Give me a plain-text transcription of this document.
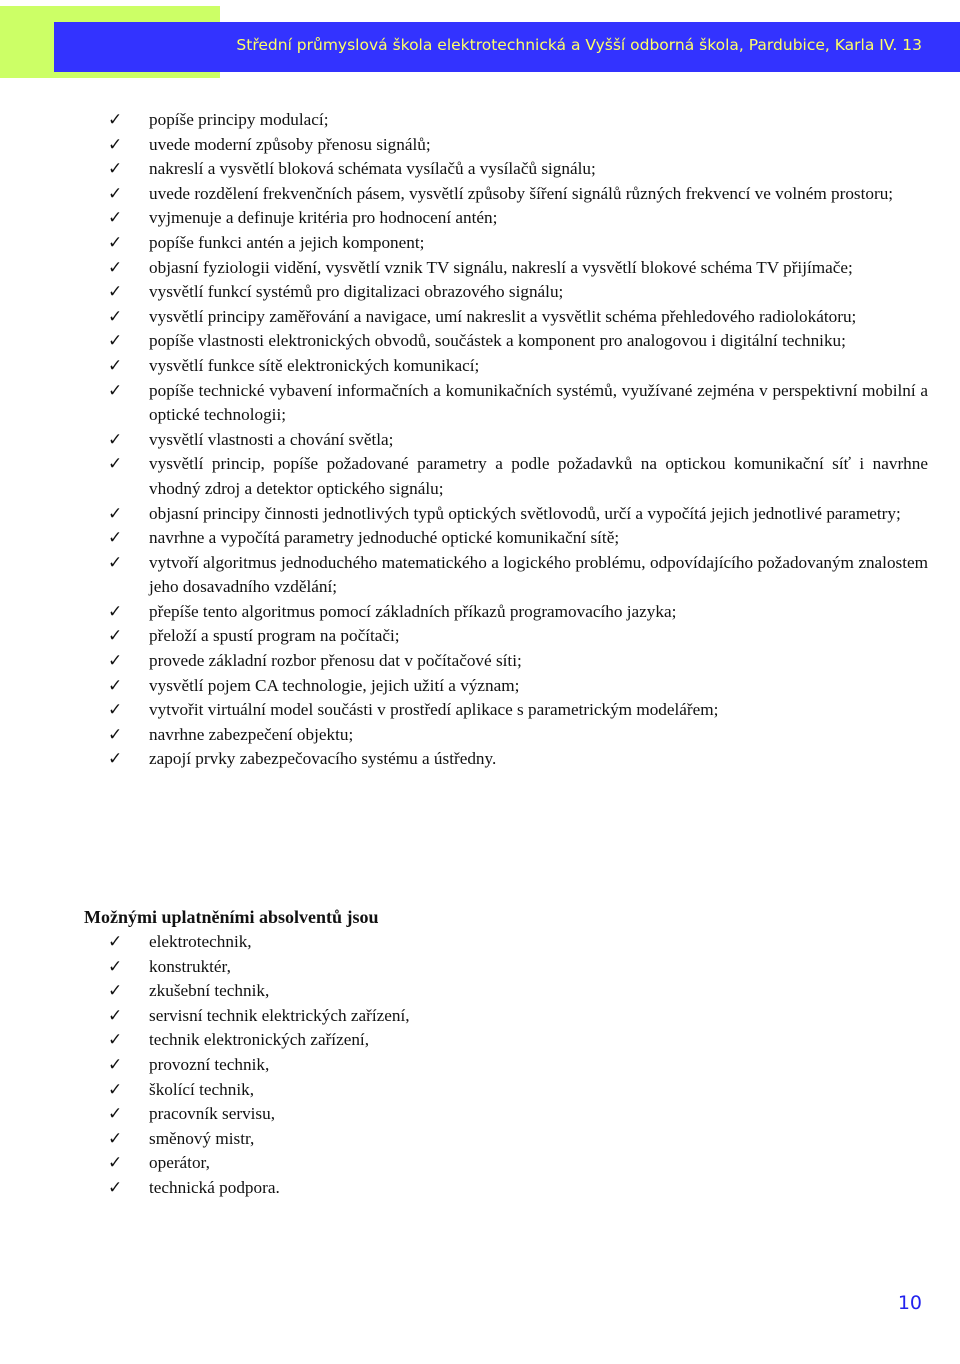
Střední průmyslová škola elektrotechnická a Vyšší odborná škola, Pardubice, Karla IV. 13
✓ popíše principy modulací;
✓ uvede moderní způsoby přenosu signálů;
✓ nakreslí a vysvětlí bloková schémata vysílačů a vysílačů signálu;
✓ uvede rozdělení frekvenčních pásem, vysvětlí způsoby šíření signálů různých frekvencí ve volném prostoru;
✓ vyjmenuje a definuje kritéria pro hodnocení antén;
✓ popíše funkci antén a jejich komponent;
✓ objasní fyziologii vidění, vysvětlí vznik TV signálu, nakreslí a vysvětlí blokové schéma TV přijímače;
✓ vysvětlí funkcí systémů pro digitalizaci obrazového signálu;
✓ vysvětlí principy zaměřování a navigace, umí nakreslit a vysvětlit schéma přehledového radiolokátoru;
✓ popíše vlastnosti elektronických obvodů, součástek a komponent pro analogovou i digitální techniku;
✓ vysvětlí funkce sítě elektronických komunikací;
✓ popíše technické vybavení informačních a komunikačních systémů, využívané zejména v perspektivní mobilní a optické technologii;
✓ vysvětlí vlastnosti a chování světla;
✓ vysvětlí princip, popíše požadované parametry a podle požadavků na optickou komunikační síť i navrhne vhodný zdroj a detektor optického signálu;
✓ objasní principy činnosti jednotlivých typů optických světlovodů, určí a vypočítá jejich jednotlivé parametry;
✓ navrhne a vypočítá parametry jednoduché optické komunikační sítě;
✓ vytvoří algoritmus jednoduchého matematického a logického problému, odpovídajícího požadovaným znalostem jeho dosavadního vzdělání;
✓ přepíše tento algoritmus pomocí základních příkazů programovacího jazyka;
✓ přeloží a spustí program na počítači;
✓ provede základní rozbor přenosu dat v počítačové síti;
✓ vysvětlí pojem CA technologie, jejich užití a význam;
✓ vytvořit virtuální model součásti v prostředí aplikace s parametrickým modelářem;
✓ navrhne zabezpečení objektu;
✓ zapojí prvky zabezpečovacího systému a ústředny.
Možnými uplatněními absolventů jsou
✓ elektrotechnik,
✓ konstruktér,
✓ zkušební technik,
✓ servisní technik elektrických zařízení,
✓ technik elektronických zařízení,
✓ provozní technik,
✓ školící technik,
✓ pracovník servisu,
✓ směnový mistr,
✓ operátor,
✓ technická podpora.
10
